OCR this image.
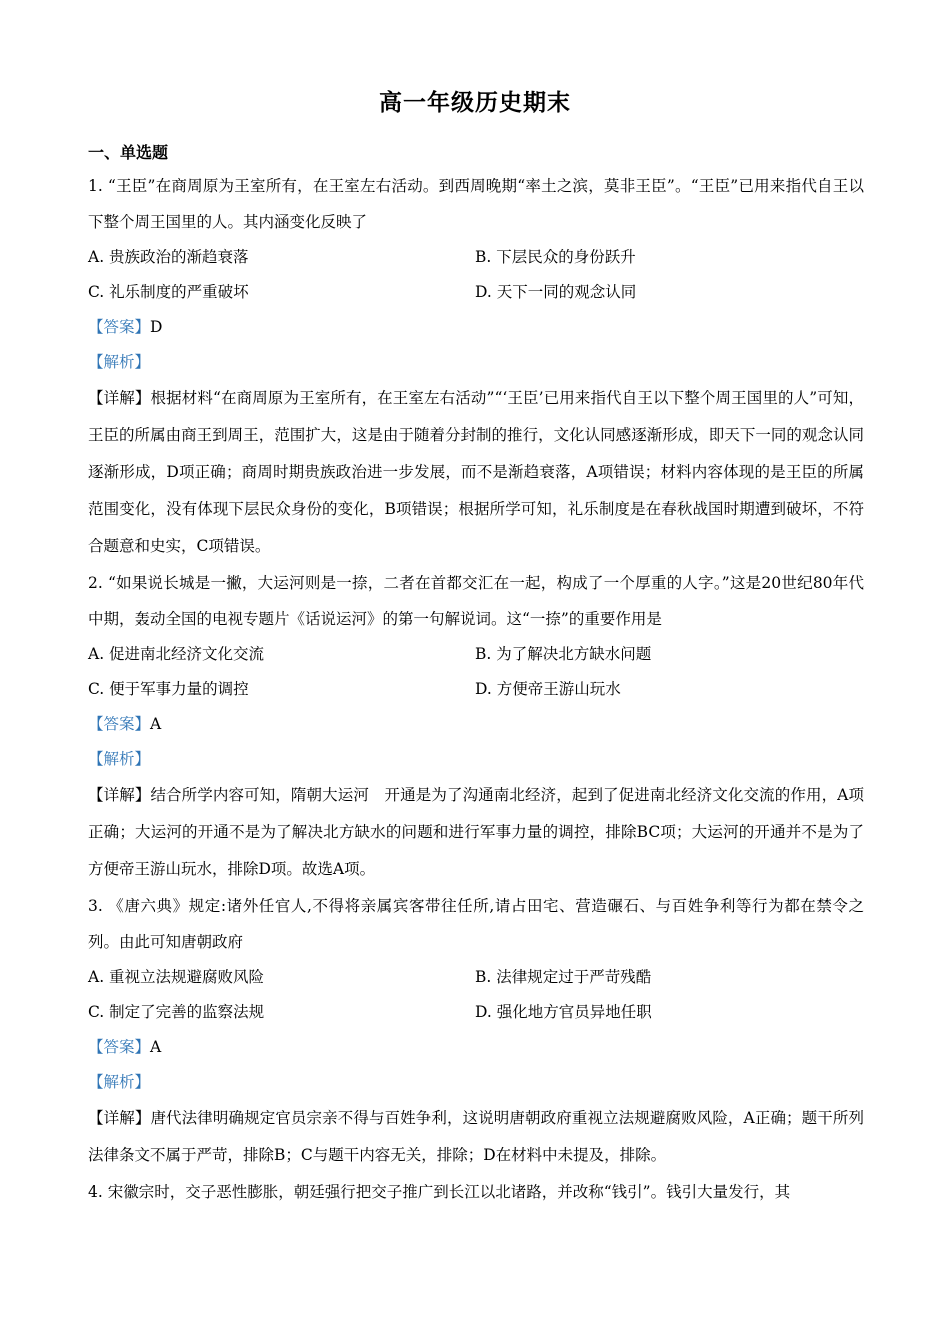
高一年级历史期末
一、单选题
1. “王臣”在商周原为王室所有，在王室左右活动。到西周晚期“率土之滨，莫非王臣”。“王臣”已用来指代自王以下整个周王国里的人。其内涵变化反映了
A. 贵族政治的渐趋衰落	B. 下层民众的身份跃升
C. 礼乐制度的严重破坏	D. 天下一同的观念认同
【答案】D
【解析】
【详解】根据材料“在商周原为王室所有，在王室左右活动”“‘王臣’已用来指代自王以下整个周王国里的人”可知，王臣的所属由商王到周王，范围扩大，这是由于随着分封制的推行，文化认同感逐渐形成，即天下一同的观念认同逐渐形成，D项正确；商周时期贵族政治进一步发展，而不是渐趋衰落，A项错误；材料内容体现的是王臣的所属范围变化，没有体现下层民众身份的变化，B项错误；根据所学可知，礼乐制度是在春秋战国时期遭到破坏，不符合题意和史实，C项错误。
2. “如果说长城是一撇，大运河则是一捺，二者在首都交汇在一起，构成了一个厚重的人字。”这是20世纪80年代中期，轰动全国的电视专题片《话说运河》的第一句解说词。这“一捺”的重要作用是
A. 促进南北经济文化交流	B. 为了解决北方缺水问题
C. 便于军事力量的调控	D. 方便帝王游山玩水
【答案】A
【解析】
【详解】结合所学内容可知，隋朝大运河　开通是为了沟通南北经济，起到了促进南北经济文化交流的作用，A项正确；大运河的开通不是为了解决北方缺水的问题和进行军事力量的调控，排除BC项；大运河的开通并不是为了方便帝王游山玩水，排除D项。故选A项。
3. 《唐六典》规定:诸外任官人,不得将亲属宾客带往任所,请占田宅、营造碾石、与百姓争利等行为都在禁令之列。由此可知唐朝政府
A. 重视立法规避腐败风险	B. 法律规定过于严苛残酷
C. 制定了完善的监察法规	D. 强化地方官员异地任职
【答案】A
【解析】
【详解】唐代法律明确规定官员宗亲不得与百姓争利，这说明唐朝政府重视立法规避腐败风险，A正确；题干所列法律条文不属于严苛，排除B；C与题干内容无关，排除；D在材料中未提及，排除。
4. 宋徽宗时，交子恶性膨胀，朝廷强行把交子推广到长江以北诸路，并改称“钱引”。钱引大量发行，其
